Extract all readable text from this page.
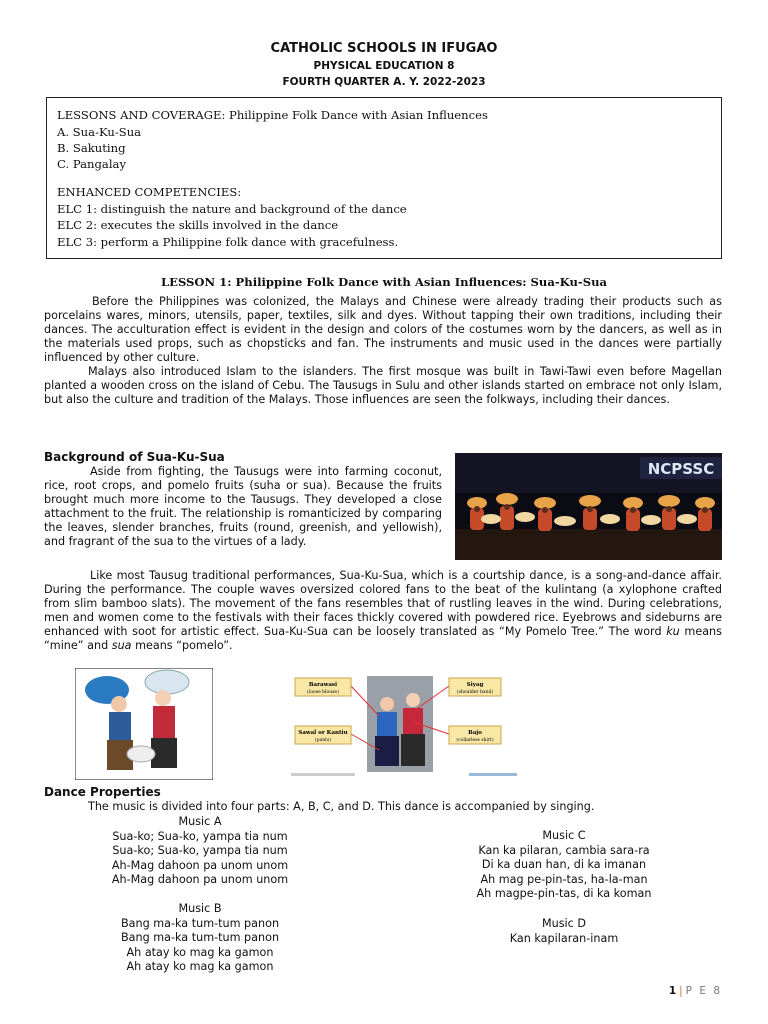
CATHOLIC SCHOOLS IN IFUGAO
PHYSICAL EDUCATION 8
FOURTH QUARTER A. Y. 2022-2023
LESSONS AND COVERAGE: Philippine Folk Dance with Asian Influences
A. Sua-Ku-Sua
B. Sakuting
C. Pangalay
ENHANCED COMPETENCIES:
ELC 1: distinguish the nature and background of the dance
ELC 2: executes the skills involved in the dance
ELC 3: perform a Philippine folk dance with gracefulness.
LESSON 1: Philippine Folk Dance with Asian Influences: Sua-Ku-Sua

Before the Philippines was colonized, the Malays and Chinese were already trading their products such as porcelains wares, minors, utensils, paper, textiles, silk and dyes. Without tapping their own traditions, including their dances. The acculturation effect is evident in the design and colors of the costumes worn by the dancers, as well as in the materials used props, such as chopsticks and fan. The instruments and music used in the dances were partially influenced by other culture.

Malays also introduced Islam to the islanders. The first mosque was built in Tawi-Tawi even before Magellan planted a wooden cross on the island of Cebu. The Tausugs in Sulu and other islands started on embrace not only Islam, but also the culture and tradition of the Malays. Those influences are seen the folkways, including their dances.

Background of Sua-Ku-Sua

Aside from fighting, the Tausugs were into farming coconut, rice, root crops, and pomelo fruits (suha or sua). Because the fruits brought much more income to the Tausugs. They developed a close attachment to the fruit. The relationship is romanticized by comparing the leaves, slender branches, fruits (round, greenish, and yellowish), and fragrant of the sua to the virtues of a lady.

NCPSSC

Like most Tausug traditional performances, Sua-Ku-Sua, which is a courtship dance, is a song-and-dance affair. During the performance. The couple waves oversized colored fans to the beat of the kulintang (a xylophone crafted from slim bamboo slats). The movement of the fans resembles that of rustling leaves in the wind. During celebrations, men and women come to the festivals with their faces thickly covered with powdered rice. Eyebrows and sideburns are enhanced with soot for artistic effect. Sua-Ku-Sua can be loosely translated as “My Pomelo Tree.” The word ku means “mine” and sua means “pomelo”.

Barawasi
(loose blouse)
Sawal or Kantiu
(pants)
Siyag
(shoulder band)
Bajo
(collarless shirt)
Dance Properties
The music is divided into four parts: A, B, C, and D. This dance is accompanied by singing.
Music A
Sua-ko; Sua-ko, yampa tia num
Sua-ko; Sua-ko, yampa tia num
Ah-Mag dahoon pa unom unom
Ah-Mag dahoon pa unom unom
Music C
Kan ka pilaran, cambia sara-ra
Di ka duan han, di ka imanan
Ah mag pe-pin-tas, ha-la-man
Ah magpe-pin-tas, di ka koman
Music B
Bang ma-ka tum-tum panon
Bang ma-ka tum-tum panon
Ah atay ko mag ka gamon
Ah atay ko mag ka gamon
Music D
Kan kapilaran-inam
1 | P E 8
